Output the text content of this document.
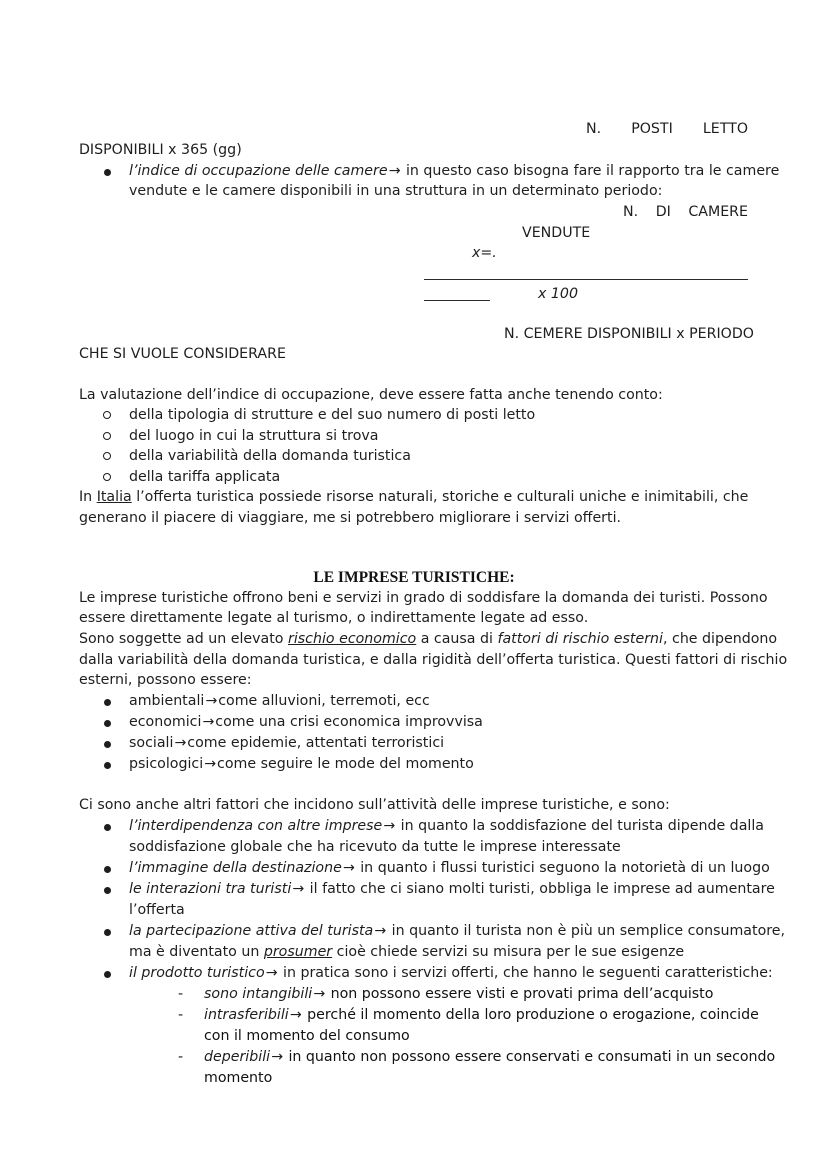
N. POSTI LETTO
DISPONIBILI x 365 (gg)
l’indice di occupazione delle camere→ in questo caso bisogna fare il rapporto tra le camere
vendute e le camere disponibili in una struttura in un determinato periodo:
N. DI CAMERE
VENDUTE
x=.
x 100
N. CEMERE DISPONIBILI x PERIODO
CHE SI VUOLE CONSIDERARE
La valutazione dell’indice di occupazione, deve essere fatta anche tenendo conto:
della tipologia di strutture e del suo numero di posti letto
del luogo in cui la struttura si trova
della variabilità della domanda turistica
della tariffa applicata
In Italia l’offerta turistica possiede risorse naturali, storiche e culturali uniche e inimitabili, che
generano il piacere di viaggiare, me si potrebbero migliorare i servizi offerti.
LE IMPRESE TURISTICHE:
Le imprese turistiche offrono beni e servizi in grado di soddisfare la domanda dei turisti. Possono
essere direttamente legate al turismo, o indirettamente legate ad esso.
Sono soggette ad un elevato rischio economico a causa di fattori di rischio esterni, che dipendono
dalla variabilità della domanda turistica, e dalla rigidità dell’offerta turistica. Questi fattori di rischio
esterni, possono essere:
ambientali→come alluvioni, terremoti, ecc
economici→come una crisi economica improvvisa
sociali→come epidemie, attentati terroristici
psicologici→come seguire le mode del momento
Ci sono anche altri fattori che incidono sull’attività delle imprese turistiche, e sono:
l’interdipendenza con altre imprese→ in quanto la soddisfazione del turista dipende dalla
soddisfazione globale che ha ricevuto da tutte le imprese interessate
l’immagine della destinazione→ in quanto i flussi turistici seguono la notorietà di un luogo
le interazioni tra turisti→ il fatto che ci siano molti turisti, obbliga le imprese ad aumentare
l’offerta
la partecipazione attiva del turista→ in quanto il turista non è più un semplice consumatore,
ma è diventato un prosumer cioè chiede servizi su misura per le sue esigenze
il prodotto turistico→ in pratica sono i servizi offerti, che hanno le seguenti caratteristiche:
- sono intangibili→ non possono essere visti e provati prima dell’acquisto
- intrasferibili→ perché il momento della loro produzione o erogazione, coincide
con il momento del consumo
- deperibili→ in quanto non possono essere conservati e consumati in un secondo
momento
